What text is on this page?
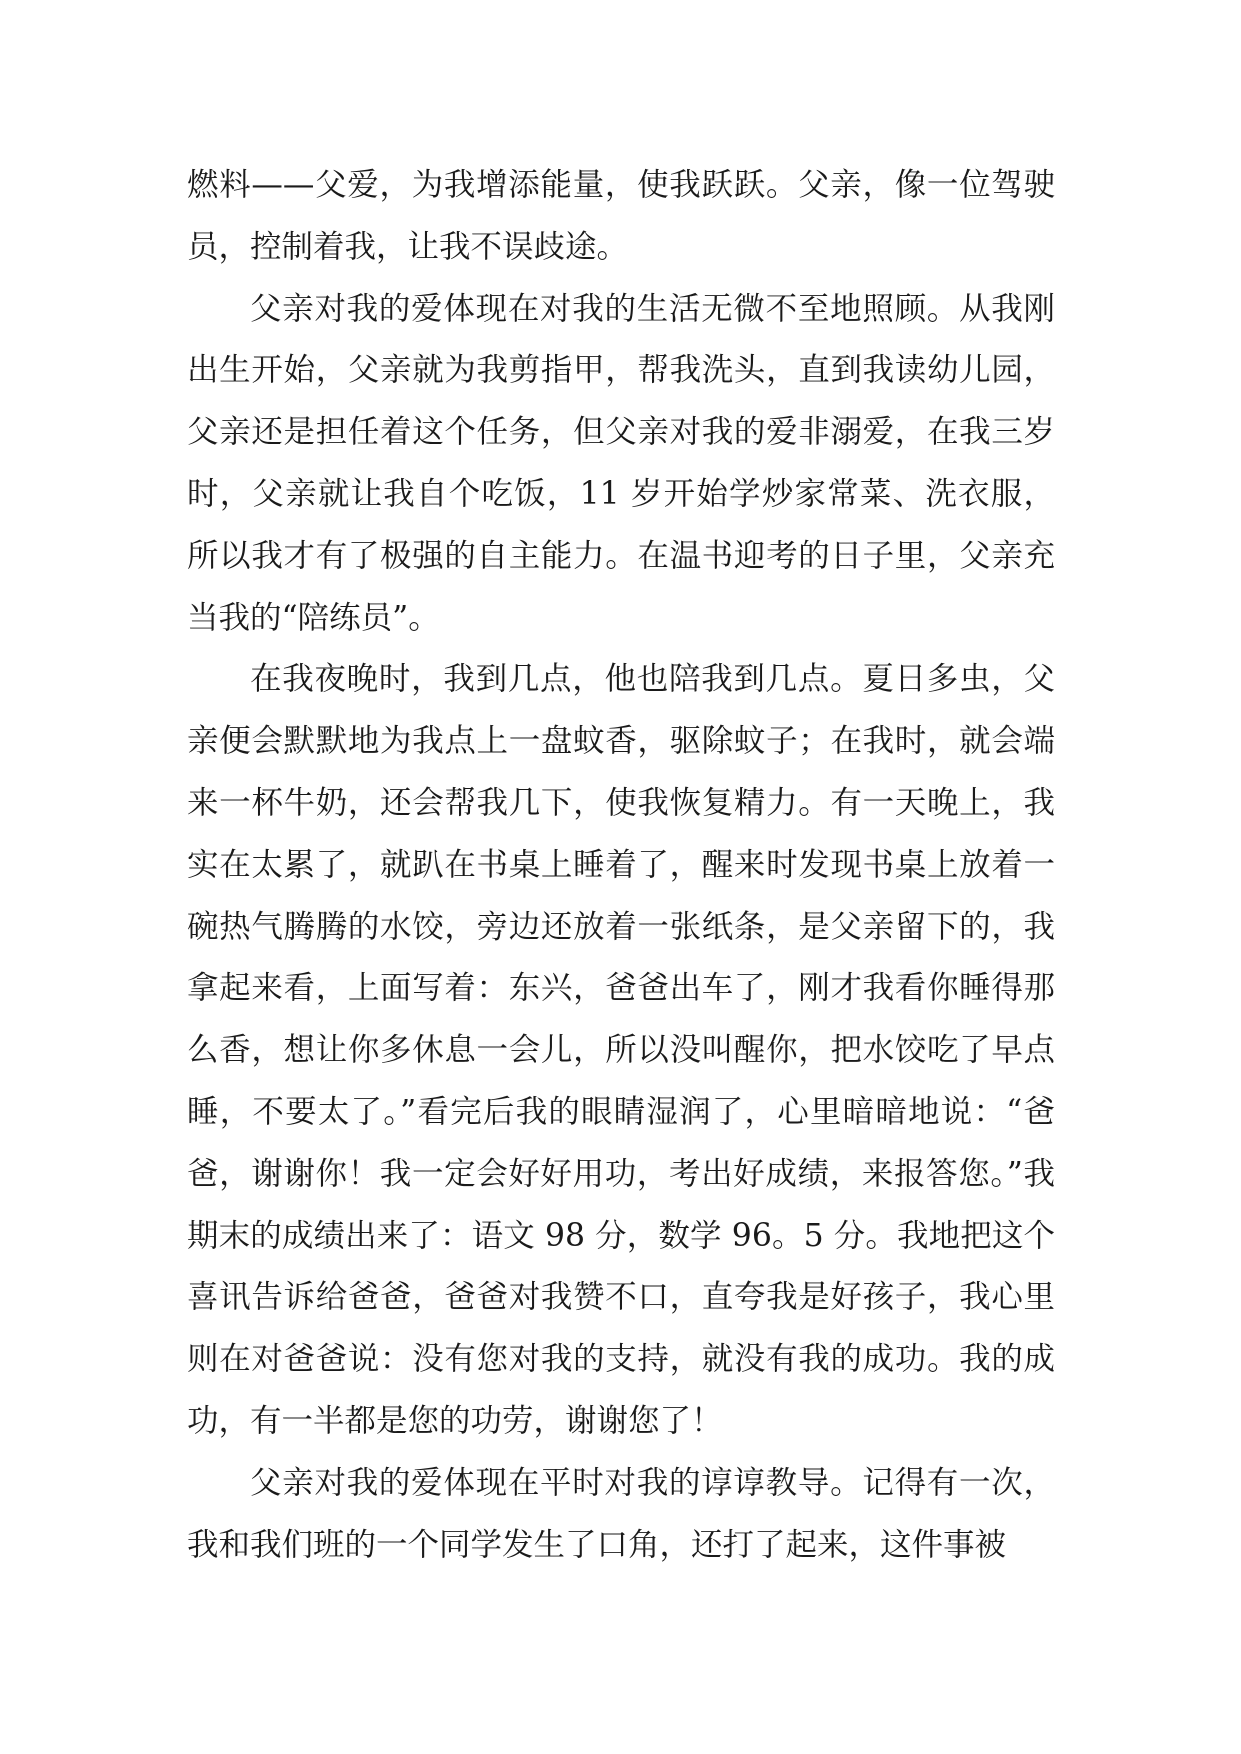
燃料——父爱，为我增添能量，使我跃跃。父亲，像一位驾驶员，控制着我，让我不误歧途。

父亲对我的爱体现在对我的生活无微不至地照顾。从我刚出生开始，父亲就为我剪指甲，帮我洗头，直到我读幼儿园，父亲还是担任着这个任务，但父亲对我的爱非溺爱，在我三岁时，父亲就让我自个吃饭，11 岁开始学炒家常菜、洗衣服，所以我才有了极强的自主能力。在温书迎考的日子里，父亲充当我的“陪练员”。

在我夜晚时，我到几点，他也陪我到几点。夏日多虫，父亲便会默默地为我点上一盘蚊香，驱除蚊子；在我时，就会端来一杯牛奶，还会帮我几下，使我恢复精力。有一天晚上，我实在太累了，就趴在书桌上睡着了，醒来时发现书桌上放着一碗热气腾腾的水饺，旁边还放着一张纸条，是父亲留下的，我拿起来看，上面写着：东兴，爸爸出车了，刚才我看你睡得那么香，想让你多休息一会儿，所以没叫醒你，把水饺吃了早点睡，不要太了。”看完后我的眼睛湿润了，心里暗暗地说：“爸爸，谢谢你！我一定会好好用功，考出好成绩，来报答您。”我期末的成绩出来了：语文 98 分，数学 96。5 分。我地把这个喜讯告诉给爸爸，爸爸对我赞不口，直夸我是好孩子，我心里则在对爸爸说：没有您对我的支持，就没有我的成功。我的成功，有一半都是您的功劳，谢谢您了！

父亲对我的爱体现在平时对我的谆谆教导。记得有一次，我和我们班的一个同学发生了口角，还打了起来，这件事被
